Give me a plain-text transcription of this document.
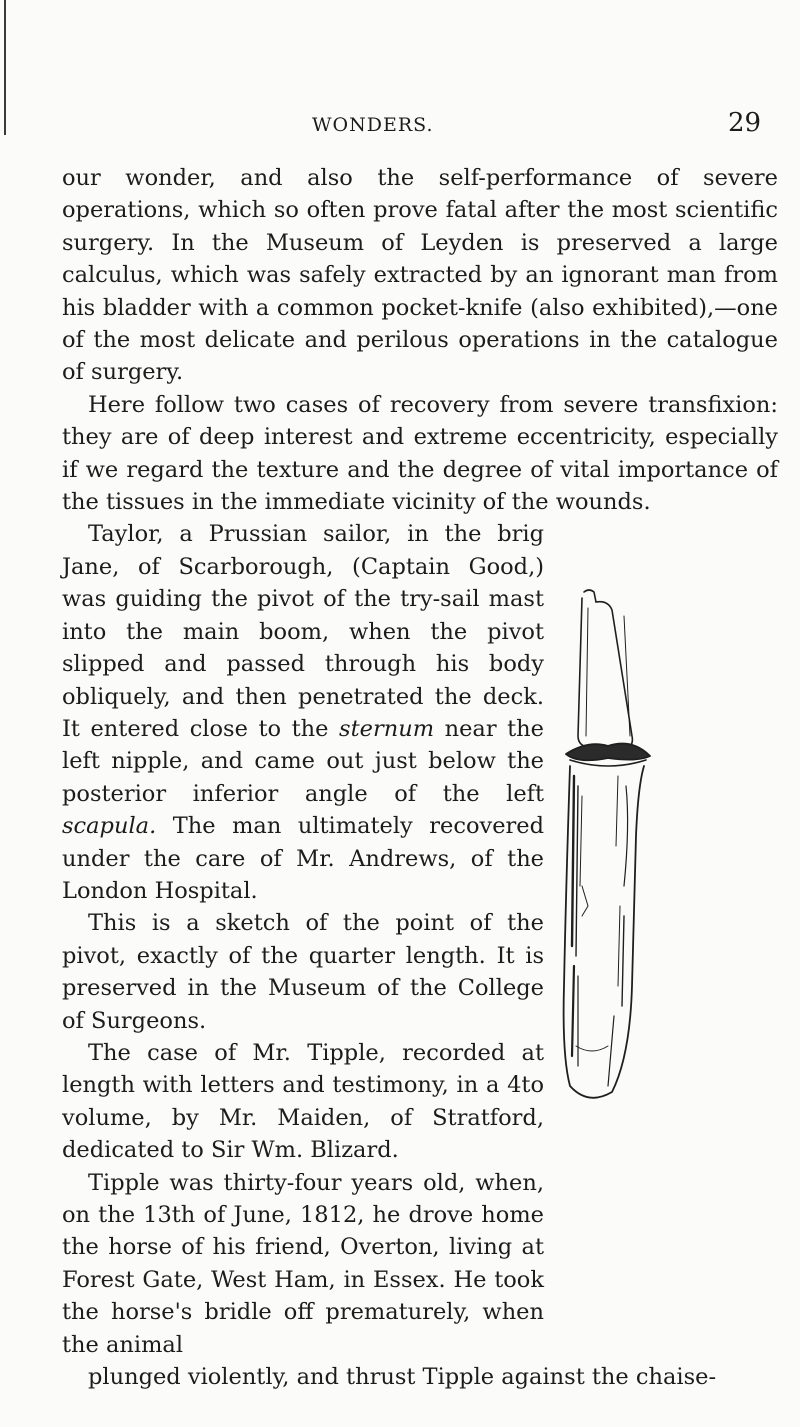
WONDERS.	29

our wonder, and also the self-performance of severe operations, which so often prove fatal after the most scientific surgery. In the Museum of Leyden is preserved a large calculus, which was safely extracted by an ignorant man from his bladder with a common pocket-knife (also exhibited),—one of the most delicate and perilous operations in the catalogue of surgery.

Here follow two cases of recovery from severe transfixion: they are of deep interest and extreme eccentricity, especially if we regard the texture and the degree of vital importance of the tissues in the immediate vicinity of the wounds.

Taylor, a Prussian sailor, in the brig Jane, of Scarborough, (Captain Good,) was guiding the pivot of the try-sail mast into the main boom, when the pivot slipped and passed through his body obliquely, and then penetrated the deck. It entered close to the sternum near the left nipple, and came out just below the posterior inferior angle of the left scapula. The man ultimately recovered under the care of Mr. Andrews, of the London Hospital.

This is a sketch of the point of the pivot, exactly of the quarter length. It is preserved in the Museum of the College of Surgeons.

The case of Mr. Tipple, recorded at length with letters and testimony, in a 4to volume, by Mr. Maiden, of Stratford, dedicated to Sir Wm. Blizard.

Tipple was thirty-four years old, when, on the 13th of June, 1812, he drove home the horse of his friend, Overton, living at Forest Gate, West Ham, in Essex. He took the horse's bridle off prematurely, when the animal
plunged violently, and thrust Tipple against the chaise-
